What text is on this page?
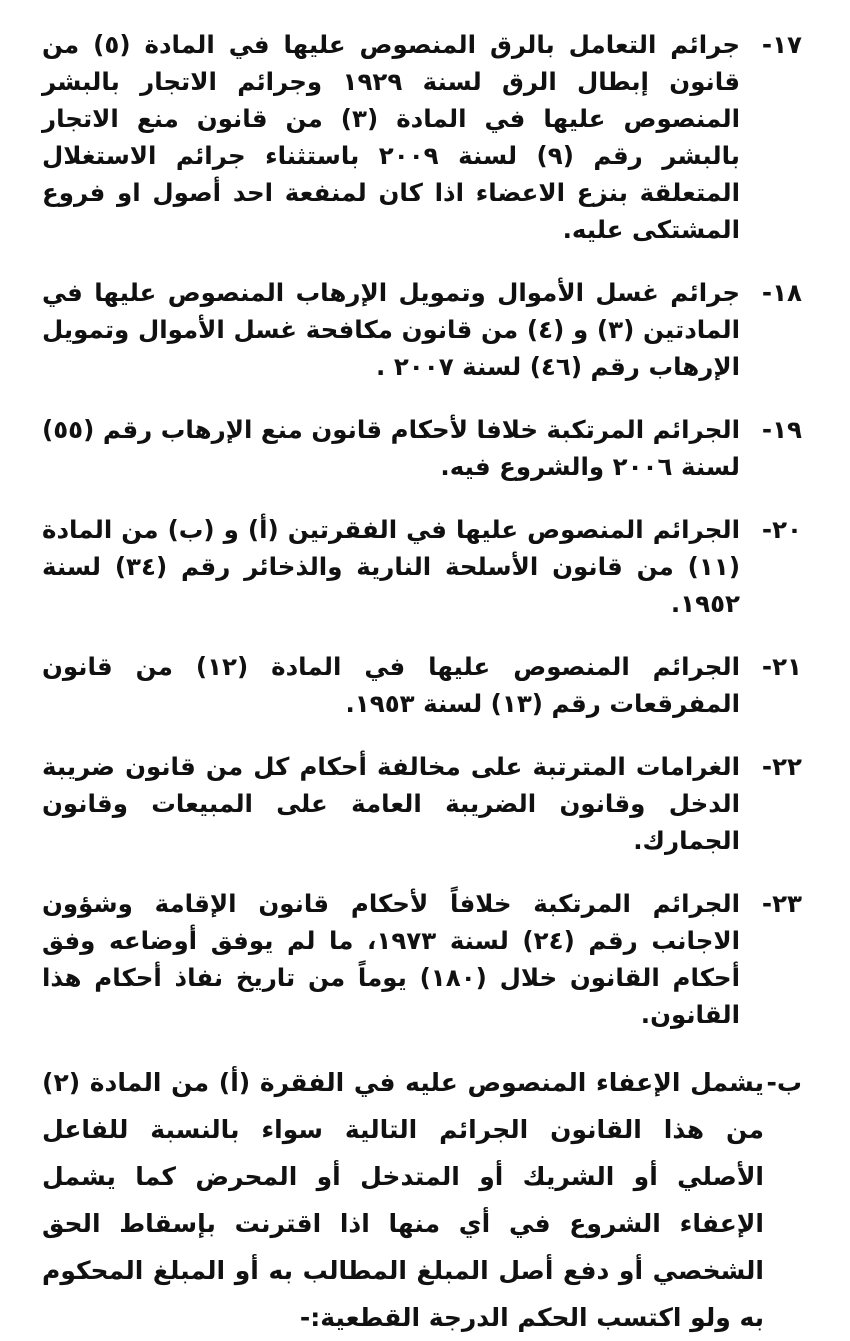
١٧-
جرائم التعامل بالرق المنصوص عليها في المادة (٥) من قانون إبطال الرق لسنة ١٩٢٩ وجرائم الاتجار بالبشر المنصوص عليها في المادة (٣) من قانون منع الاتجار بالبشر رقم (٩) لسنة ٢٠٠٩ باستثناء جرائم الاستغلال المتعلقة بنزع الاعضاء اذا كان لمنفعة احد أصول او فروع المشتكى عليه.
١٨-
جرائم غسل الأموال وتمويل الإرهاب المنصوص عليها في المادتين (٣) و (٤) من قانون مكافحة غسل الأموال وتمويل الإرهاب رقم (٤٦) لسنة ٢٠٠٧ .
١٩-
الجرائم المرتكبة خلافا لأحكام قانون منع الإرهاب رقم (٥٥) لسنة ٢٠٠٦ والشروع فيه.
٢٠-
الجرائم المنصوص عليها في الفقرتين (أ) و (ب) من المادة (١١) من قانون الأسلحة النارية والذخائر رقم (٣٤) لسنة ١٩٥٢.
٢١-
الجرائم المنصوص عليها في المادة (١٢) من قانون المفرقعات رقم (١٣) لسنة ١٩٥٣.
٢٢-
الغرامات المترتبة على مخالفة أحكام كل من قانون ضريبة الدخل وقانون الضريبة العامة على المبيعات وقانون الجمارك.
٢٣-
الجرائم المرتكبة خلافاً لأحكام قانون الإقامة وشؤون الاجانب رقم (٢٤) لسنة ١٩٧٣، ما لم يوفق أوضاعه وفق أحكام القانون خلال (١٨٠) يوماً من تاريخ نفاذ أحكام هذا القانون.
ب-
يشمل الإعفاء المنصوص عليه في الفقرة (أ) من المادة (٢) من هذا القانون الجرائم التالية سواء بالنسبة للفاعل الأصلي أو الشريك أو المتدخل أو المحرض كما يشمل الإعفاء الشروع في أي منها اذا اقترنت بإسقاط الحق الشخصي أو دفع أصل المبلغ المطالب به أو المبلغ المحكوم به ولو اكتسب الحكم الدرجة القطعية:-
